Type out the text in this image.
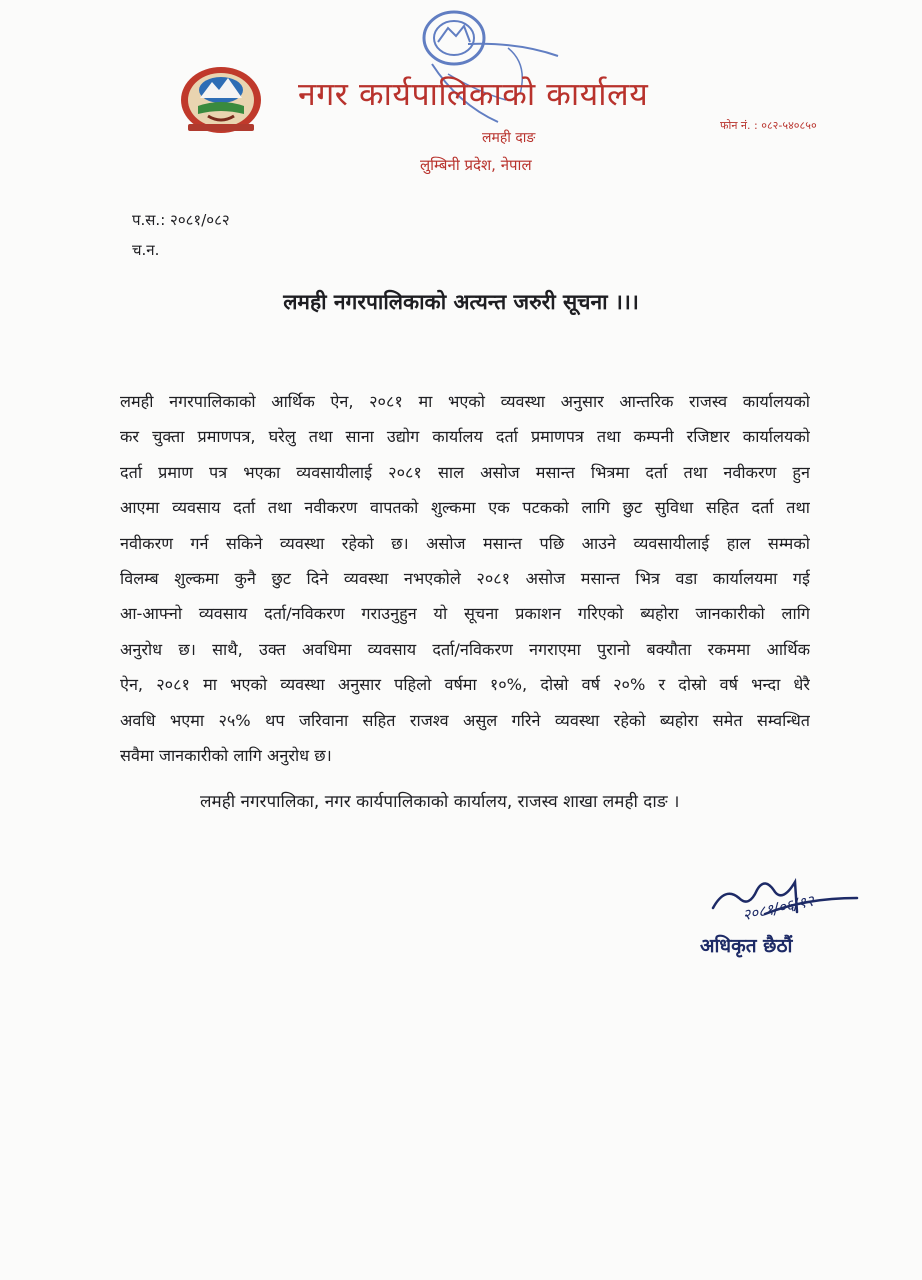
नगर कार्यपालिकाको कार्यालय
फोन नं. : ०८२-५४०८५०
लमही दाङ
लुम्बिनी प्रदेश, नेपाल
प.स.: २०८१/०८२
च.न.
लमही नगरपालिकाको अत्यन्त जरुरी सूचना ।।।
लमही नगरपालिकाको आर्थिक ऐन, २०८१ मा भएको व्यवस्था अनुसार आन्तरिक राजस्व कार्यालयको
कर चुक्ता प्रमाणपत्र, घरेलु तथा साना उद्योग कार्यालय दर्ता प्रमाणपत्र तथा कम्पनी रजिष्टार कार्यालयको
दर्ता प्रमाण पत्र भएका व्यवसायीलाई २०८१ साल असोज मसान्त भित्रमा दर्ता तथा नवीकरण हुन
आएमा व्यवसाय दर्ता तथा नवीकरण वापतको शुल्कमा एक पटकको लागि छुट सुविधा सहित दर्ता तथा
नवीकरण गर्न सकिने व्यवस्था रहेको छ। असोज मसान्त पछि आउने व्यवसायीलाई हाल सम्मको
विलम्ब शुल्कमा कुनै छुट दिने व्यवस्था नभएकोले २०८१ असोज मसान्त भित्र वडा कार्यालयमा गई
आ-आफ्नो व्यवसाय दर्ता/नविकरण गराउनुहुन यो सूचना प्रकाशन गरिएको ब्यहोरा जानकारीको लागि
अनुरोध छ। साथै, उक्त अवधिमा व्यवसाय दर्ता/नविकरण नगराएमा पुरानो बक्यौता रकममा आर्थिक
ऐन, २०८१ मा भएको व्यवस्था अनुसार पहिलो वर्षमा १०%, दोस्रो वर्ष २०% र दोस्रो वर्ष भन्दा धेरै
अवधि भएमा २५% थप जरिवाना सहित राजश्व असुल गरिने व्यवस्था रहेको ब्यहोरा समेत सम्वन्धित
सवैमा जानकारीको लागि अनुरोध छ।
लमही नगरपालिका, नगर कार्यपालिकाको कार्यालय, राजस्व शाखा लमही दाङ ।
२०८१/०६/१२
अधिकृत छैठौं
